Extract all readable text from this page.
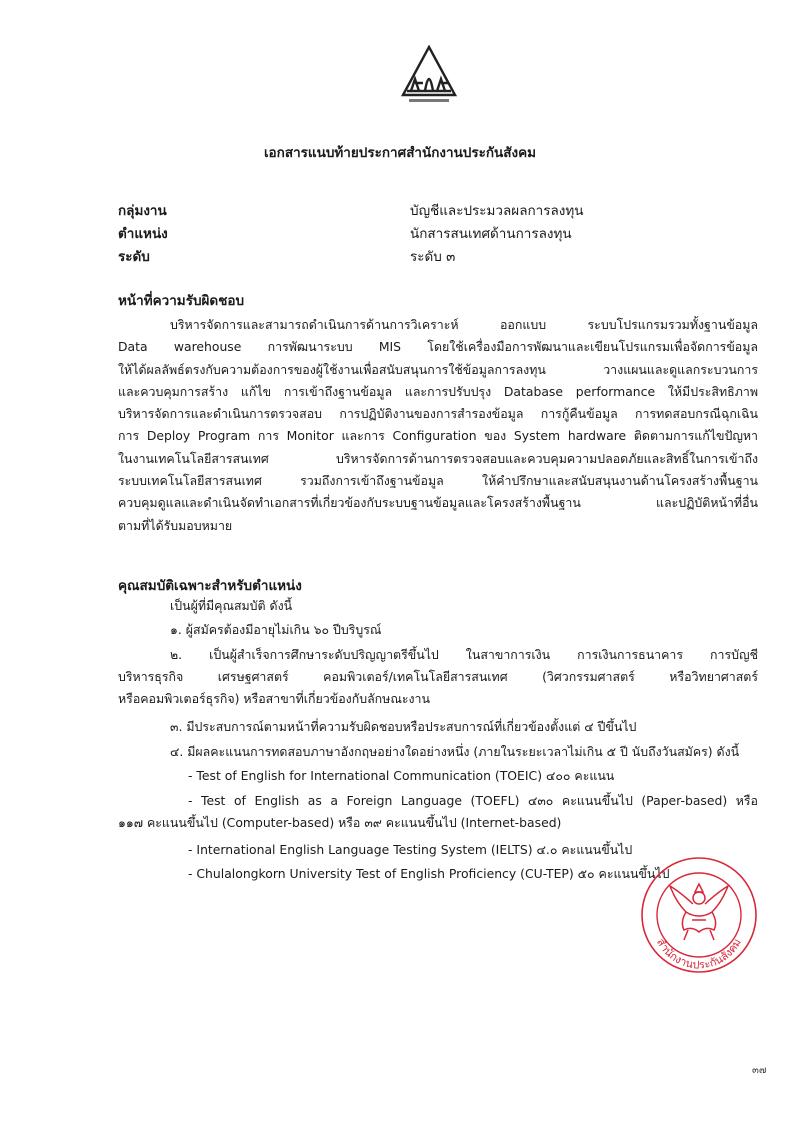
เอกสารแนบท้ายประกาศสำนักงานประกันสังคม
กลุ่มงาน	บัญชีและประมวลผลการลงทุน
ตำแหน่ง	นักสารสนเทศด้านการลงทุน
ระดับ	ระดับ ๓
หน้าที่ความรับผิดชอบ
บริหารจัดการและสามารถดำเนินการด้านการวิเคราะห์ ออกแบบ ระบบโปรแกรมรวมทั้งฐานข้อมูล
Data warehouse การพัฒนาระบบ MIS โดยใช้เครื่องมือการพัฒนาและเขียนโปรแกรมเพื่อจัดการข้อมูล
ให้ได้ผลลัพธ์ตรงกับความต้องการของผู้ใช้งานเพื่อสนับสนุนการใช้ข้อมูลการลงทุน วางแผนและดูแลกระบวนการ
และควบคุมการสร้าง แก้ไข การเข้าถึงฐานข้อมูล และการปรับปรุง Database performance ให้มีประสิทธิภาพ
บริหารจัดการและดำเนินการตรวจสอบ การปฏิบัติงานของการสำรองข้อมูล การกู้คืนข้อมูล การทดสอบกรณีฉุกเฉิน
การ Deploy Program การ Monitor และการ Configuration ของ System hardware ติดตามการแก้ไขปัญหา
ในงานเทคโนโลยีสารสนเทศ บริหารจัดการด้านการตรวจสอบและควบคุมความปลอดภัยและสิทธิ์ในการเข้าถึง
ระบบเทคโนโลยีสารสนเทศ รวมถึงการเข้าถึงฐานข้อมูล ให้คำปรึกษาและสนับสนุนงานด้านโครงสร้างพื้นฐาน
ควบคุมดูแลและดำเนินจัดทำเอกสารที่เกี่ยวข้องกับระบบฐานข้อมูลและโครงสร้างพื้นฐาน และปฏิบัติหน้าที่อื่น
ตามที่ได้รับมอบหมาย
คุณสมบัติเฉพาะสำหรับตำแหน่ง
เป็นผู้ที่มีคุณสมบัติ ดังนี้
๑. ผู้สมัครต้องมีอายุไม่เกิน ๖๐ ปีบริบูรณ์
๒. เป็นผู้สำเร็จการศึกษาระดับปริญญาตรีขึ้นไป ในสาขาการเงิน การเงินการธนาคาร การบัญชี
บริหารธุรกิจ เศรษฐศาสตร์ คอมพิวเตอร์/เทคโนโลยีสารสนเทศ (วิศวกรรมศาสตร์ หรือวิทยาศาสตร์
หรือคอมพิวเตอร์ธุรกิจ) หรือสาขาที่เกี่ยวข้องกับลักษณะงาน
๓. มีประสบการณ์ตามหน้าที่ความรับผิดชอบหรือประสบการณ์ที่เกี่ยวข้องตั้งแต่ ๔ ปีขึ้นไป
๔. มีผลคะแนนการทดสอบภาษาอังกฤษอย่างใดอย่างหนึ่ง (ภายในระยะเวลาไม่เกิน ๕ ปี นับถึงวันสมัคร) ดังนี้
- Test of English for International Communication (TOEIC) ๔๐๐ คะแนน
- Test of English as a Foreign Language (TOEFL) ๔๓๐ คะแนนขึ้นไป (Paper-based) หรือ
๑๑๗ คะแนนขึ้นไป (Computer-based) หรือ ๓๙ คะแนนขึ้นไป (Internet-based)
- International English Language Testing System (IELTS) ๔.๐ คะแนนขึ้นไป
- Chulalongkorn University Test of English Proficiency (CU-TEP) ๕๐ คะแนนขึ้นไป
สำนักงานประกันสังคม
๓๗
